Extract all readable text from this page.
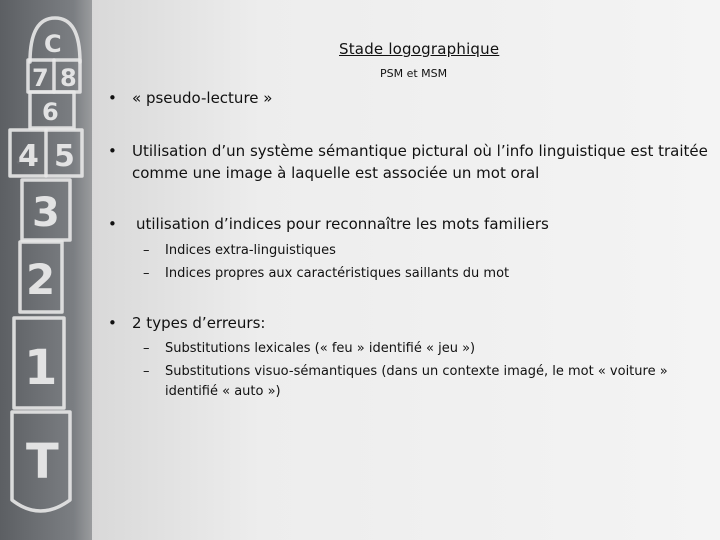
C
7 8
6
4 5
3
2
1
T
Stade logographique
PSM et MSM
• « pseudo-lecture »
• Utilisation d’un système sémantique pictural où l’info linguistique est traitée
comme une image à laquelle est associée un mot oral
• utilisation d’indices pour reconnaître les mots familiers
– Indices extra-linguistiques
– Indices propres aux caractéristiques saillants du mot
• 2 types d’erreurs:
– Substitutions lexicales (« feu » identifié « jeu »)
– Substitutions visuo-sémantiques (dans un contexte imagé, le mot « voiture »
identifié « auto »)
